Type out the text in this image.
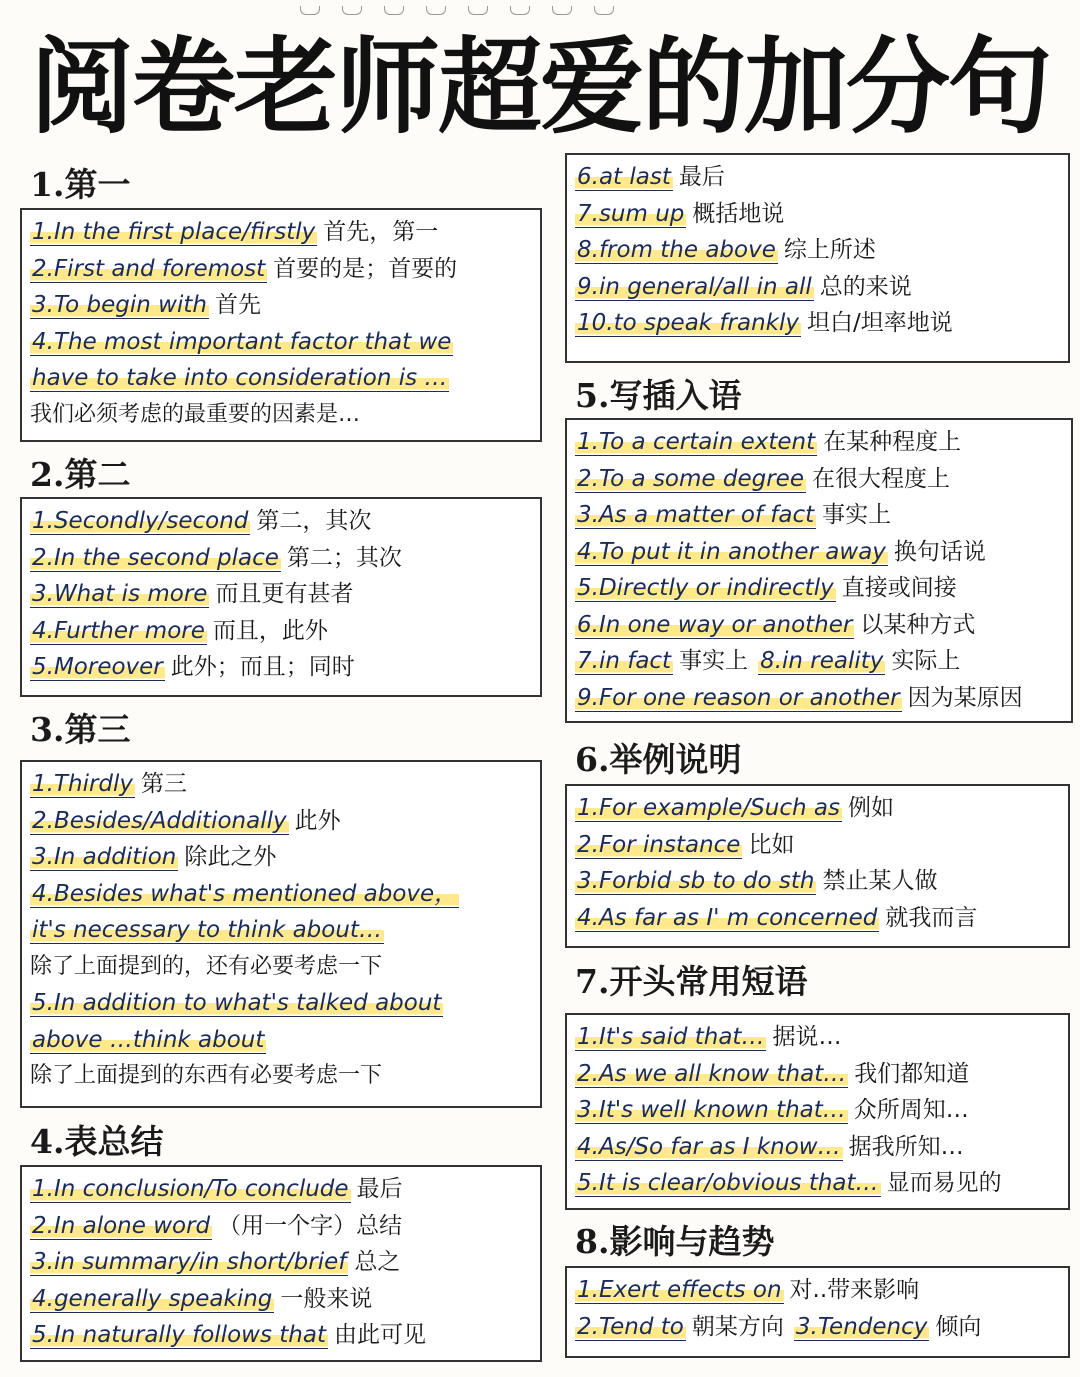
阅卷老师超爱的加分句
1.第一
1.In the first place/firstly 首先，第一
2.First and foremost 首要的是；首要的
3.To begin with 首先
4.The most important factor that we
have to take into consideration is …
我们必须考虑的最重要的因素是…
2.第二
1.Secondly/second 第二，其次
2.In the second place 第二；其次
3.What is more 而且更有甚者
4.Further more 而且，此外
5.Moreover 此外；而且；同时
3.第三
1.Thirdly 第三
2.Besides/Additionally 此外
3.In addition 除此之外
4.Besides what's mentioned above，
it's necessary to think about…
除了上面提到的，还有必要考虑一下
5.In addition to what's talked about
above …think about
除了上面提到的东西有必要考虑一下
4.表总结
1.In conclusion/To conclude 最后
2.In alone word （用一个字）总结
3.in summary/in short/brief 总之
4.generally speaking 一般来说
5.In naturally follows that 由此可见
6.at last 最后
7.sum up 概括地说
8.from the above 综上所述
9.in general/all in all 总的来说
10.to speak frankly 坦白/坦率地说
5.写插入语
1.To a certain extent 在某种程度上
2.To a some degree 在很大程度上
3.As a matter of fact 事实上
4.To put it in another away 换句话说
5.Directly or indirectly 直接或间接
6.In one way or another 以某种方式
7.in fact 事实上 8.in reality 实际上
9.For one reason or another 因为某原因
6.举例说明
1.For example/Such as 例如
2.For instance 比如
3.Forbid sb to do sth 禁止某人做
4.As far as I' m concerned 就我而言
7.开头常用短语
1.It's said that… 据说…
2.As we all know that… 我们都知道
3.It's well known that… 众所周知…
4.As/So far as I know… 据我所知…
5.It is clear/obvious that… 显而易见的
8.影响与趋势
1.Exert effects on 对..带来影响
2.Tend to 朝某方向 3.Tendency 倾向
